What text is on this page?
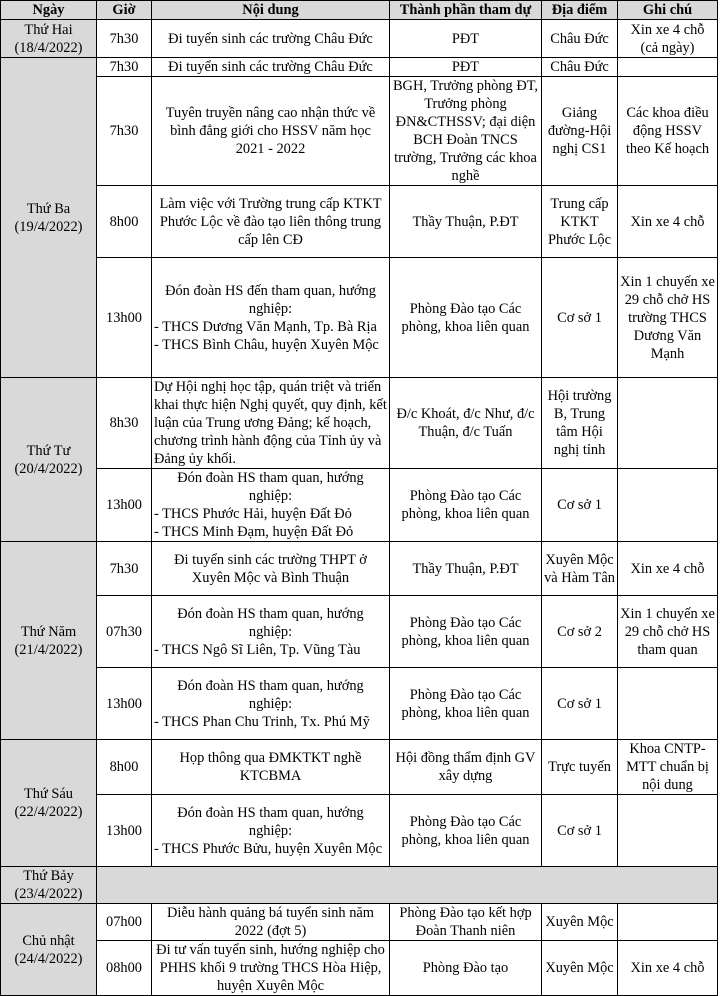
Ngày	Giờ	Nội dung	Thành phần tham dự	Địa điểm	Ghi chú

Thứ Hai
(18/4/2022)	7h30	Đi tuyển sinh các trường Châu Đức	PĐT	Châu Đức	Xin xe 4 chỗ (cả ngày)

Thứ Ba
(19/4/2022)	7h30	Đi tuyển sinh các trường Châu Đức	PĐT	Châu Đức	
	7h30	Tuyên truyền nâng cao nhận thức về bình đẳng giới cho HSSV năm học 2021 - 2022	BGH, Trưởng phòng ĐT, Trưởng phòng ĐN&CTHSSV; đại diện BCH Đoàn TNCS trường, Trưởng các khoa nghề	Giảng đường-Hội nghị CS1	Các khoa điều động HSSV theo Kế hoạch
	8h00	Làm việc với Trường trung cấp KTKT Phước Lộc về đào tạo liên thông trung cấp lên CĐ	Thầy Thuận, P.ĐT	Trung cấp KTKT Phước Lộc	Xin xe 4 chỗ
	13h00	Đón đoàn HS đến tham quan, hướng nghiệp:
- THCS Dương Văn Mạnh, Tp. Bà Rịa
- THCS Bình Châu, huyện Xuyên Mộc	Phòng Đào tạo Các phòng, khoa liên quan	Cơ sở 1	Xin 1 chuyến xe 29 chỗ chở HS trường THCS Dương Văn Mạnh

Thứ Tư
(20/4/2022)	8h30	Dự Hội nghị học tập, quán triệt và triển khai thực hiện Nghị quyết, quy định, kết luận của Trung ương Đảng; kế hoạch, chương trình hành động của Tỉnh ủy và Đảng ủy khối.	Đ/c Khoát, đ/c Như, đ/c Thuận, đ/c Tuấn	Hội trường B, Trung tâm Hội nghị tỉnh	
	13h00	Đón đoàn HS tham quan, hướng nghiệp:
- THCS Phước Hải, huyện Đất Đỏ
- THCS Minh Đạm, huyện Đất Đỏ	Phòng Đào tạo Các phòng, khoa liên quan	Cơ sở 1	

Thứ Năm
(21/4/2022)	7h30	Đi tuyển sinh các trường THPT ở Xuyên Mộc và Bình Thuận	Thầy Thuận, P.ĐT	Xuyên Mộc và Hàm Tân	Xin xe 4 chỗ
	07h30	Đón đoàn HS tham quan, hướng nghiệp:
- THCS Ngô Sĩ Liên, Tp. Vũng Tàu	Phòng Đào tạo Các phòng, khoa liên quan	Cơ sở 2	Xin 1 chuyến xe 29 chỗ chở HS tham quan
	13h00	Đón đoàn HS tham quan, hướng nghiệp:
- THCS Phan Chu Trinh, Tx. Phú Mỹ	Phòng Đào tạo Các phòng, khoa liên quan	Cơ sở 1	

Thứ Sáu
(22/4/2022)	8h00	Họp thông qua ĐMKTKT nghề KTCBMA	Hội đồng thẩm định GV xây dựng	Trực tuyến	Khoa CNTP-MTT chuẩn bị nội dung
	13h00	Đón đoàn HS tham quan, hướng nghiệp:
- THCS Phước Bửu, huyện Xuyên Mộc	Phòng Đào tạo Các phòng, khoa liên quan	Cơ sở 1	

Thứ Bảy
(23/4/2022)					

Chủ nhật
(24/4/2022)	07h00	Diễu hành quảng bá tuyển sinh năm 2022 (đợt 5)	Phòng Đào tạo kết hợp Đoàn Thanh niên	Xuyên Mộc	
	08h00	Đi tư vấn tuyển sinh, hướng nghiệp cho PHHS khối 9 trường THCS Hòa Hiệp, huyện Xuyên Mộc	Phòng Đào tạo	Xuyên Mộc	Xin xe 4 chỗ
